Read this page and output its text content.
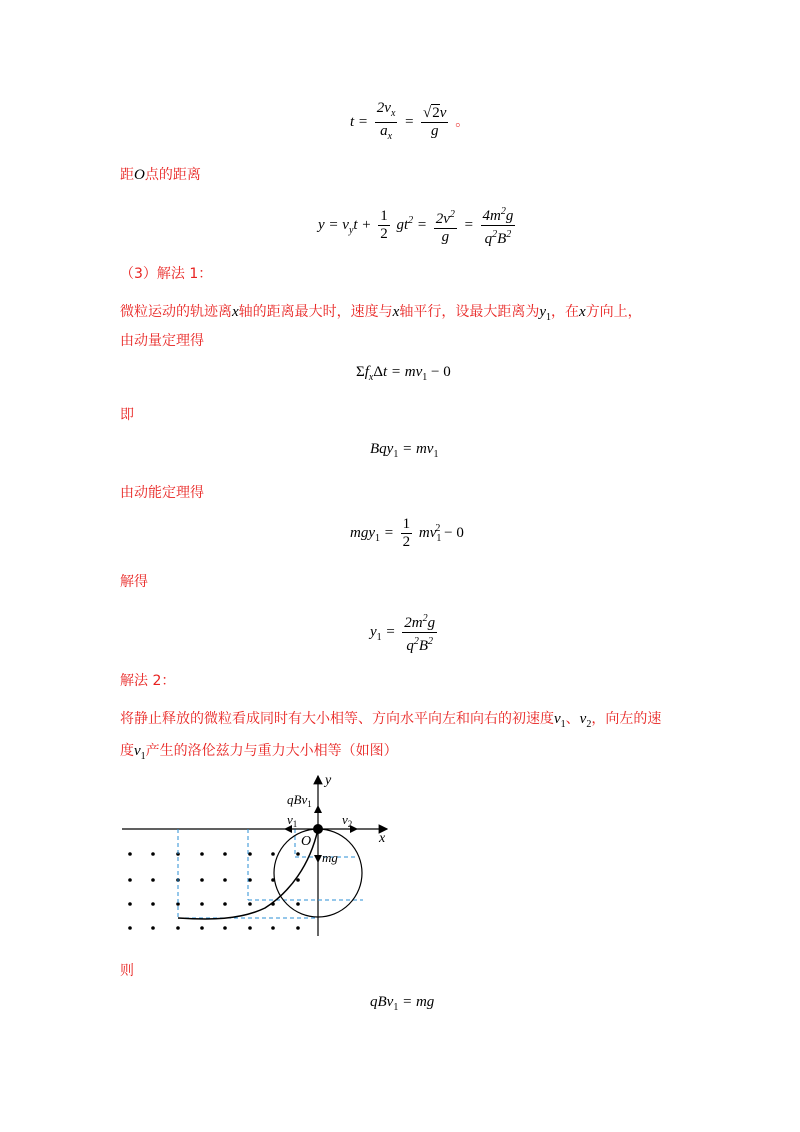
$t = \frac{2v_x}{a_x} = \frac{√2v}{g}$ 。
距O点的距离
$y = v_yt + \frac{1}{2} gt^2 = \frac{2v^2}{g} = \frac{4m^2g}{q^2B^2}$
（3）解法 1：
微粒运动的轨迹离x轴的距离最大时，速度与x轴平行，设最大距离为$y_1$，在x方向上，
由动量定理得
$\Sigma f_x\Delta t = mv_1 - 0$
即
$Bqy_1 = mv_1$
由动能定理得
$mgy_1 = \frac{1}{2} mv_1^2 - 0$
解得
$y_1 = \frac{2m^2g}{q^2B^2}$
解法 2：
将静止释放的微粒看成同时有大小相等、方向水平向左和向右的初速度$v_1$、$v_2$，向左的速
度$v_1$产生的洛伦兹力与重力大小相等（如图）
y
x
O
qBv$_1$
$v_1$	$v_2$
mg
则
qBv$_1$ = mg
